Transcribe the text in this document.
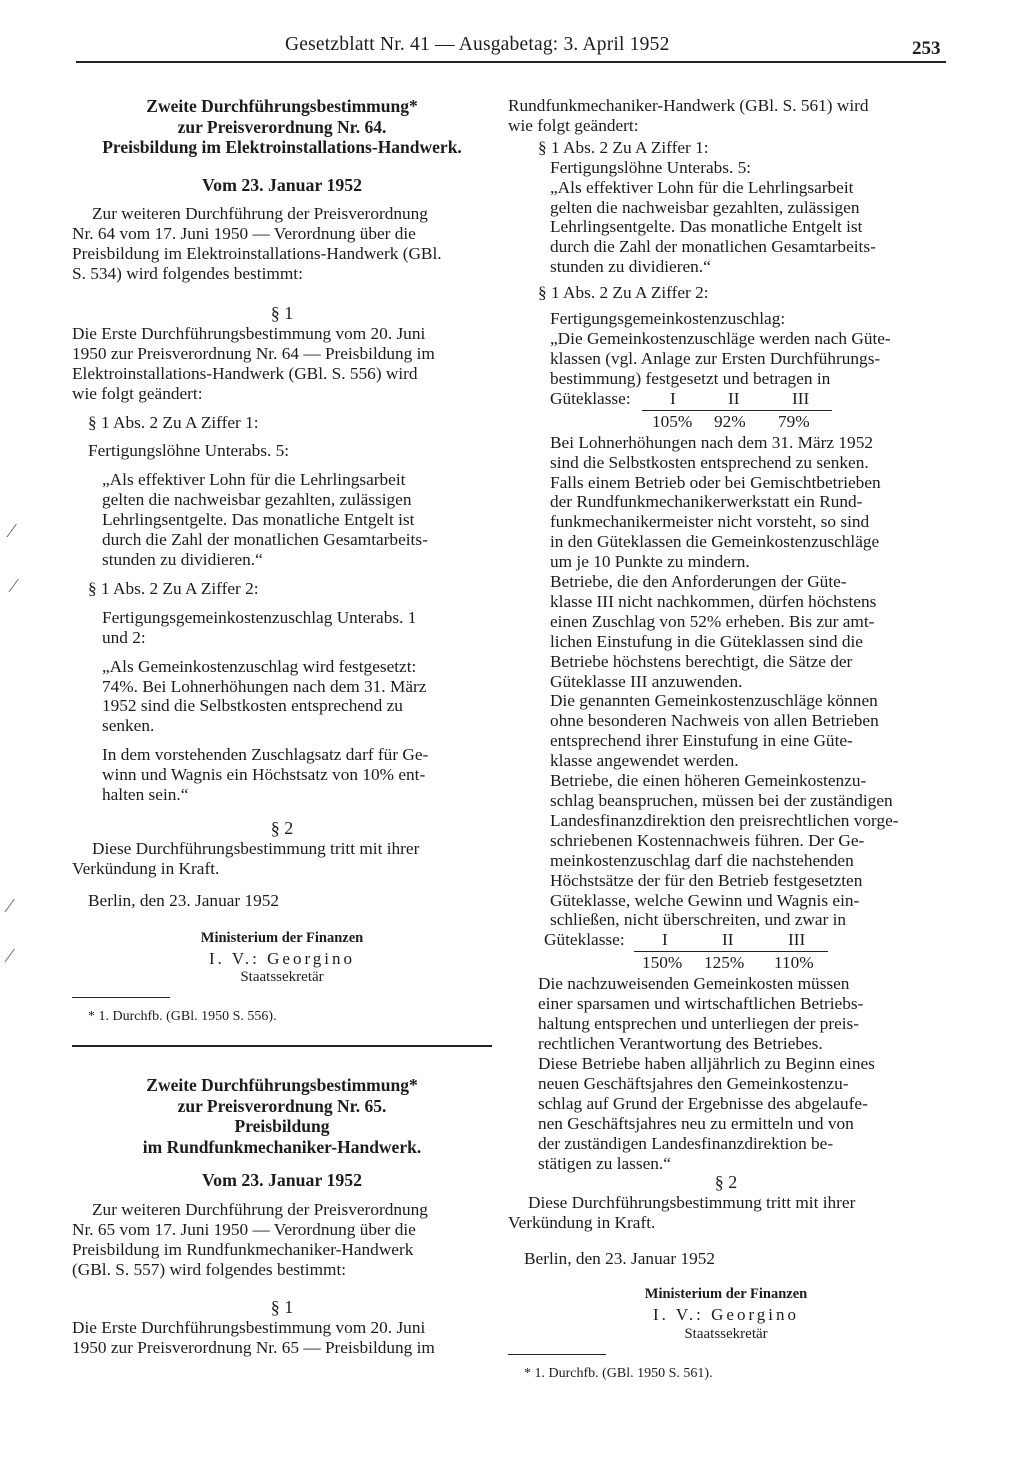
Gesetzblatt Nr. 41 — Ausgabetag: 3. April 1952	253
⁄
⁄
⁄
⁄

Zweite Durchführungsbestimmung*

zur Preisverordnung Nr. 64.

Preisbildung im Elektroinstallations-Handwerk.

Vom 23. Januar 1952

Zur weiteren Durchführung der Preisverordnung

Nr. 64 vom 17. Juni 1950 — Verordnung über die

Preisbildung im Elektroinstallations-Handwerk (GBl.

S. 534) wird folgendes bestimmt:

§ 1

Die Erste Durchführungsbestimmung vom 20. Juni

1950 zur Preisverordnung Nr. 64 — Preisbildung im

Elektroinstallations-Handwerk (GBl. S. 556) wird

wie folgt geändert:

§ 1 Abs. 2 Zu A Ziffer 1:

Fertigungslöhne Unterabs. 5:

„Als effektiver Lohn für die Lehrlingsarbeit

gelten die nachweisbar gezahlten, zulässigen

Lehrlingsentgelte. Das monatliche Entgelt ist

durch die Zahl der monatlichen Gesamtarbeits-

stunden zu dividieren.“

§ 1 Abs. 2 Zu A Ziffer 2:

Fertigungsgemeinkostenzuschlag Unterabs. 1

und 2:

„Als Gemeinkostenzuschlag wird festgesetzt:

74%. Bei Lohnerhöhungen nach dem 31. März

1952 sind die Selbstkosten entsprechend zu

senken.

In dem vorstehenden Zuschlagsatz darf für Ge-

winn und Wagnis ein Höchstsatz von 10% ent-

halten sein.“

§ 2

Diese Durchführungsbestimmung tritt mit ihrer

Verkündung in Kraft.

Berlin, den 23. Januar 1952

Ministerium der Finanzen

I. V.: Georgino

Staatssekretär

* 1. Durchfb. (GBl. 1950 S. 556).

Zweite Durchführungsbestimmung*

zur Preisverordnung Nr. 65.

Preisbildung

im Rundfunkmechaniker-Handwerk.

Vom 23. Januar 1952

Zur weiteren Durchführung der Preisverordnung

Nr. 65 vom 17. Juni 1950 — Verordnung über die

Preisbildung im Rundfunkmechaniker-Handwerk

(GBl. S. 557) wird folgendes bestimmt:

§ 1

Die Erste Durchführungsbestimmung vom 20. Juni

1950 zur Preisverordnung Nr. 65 — Preisbildung im

Rundfunkmechaniker-Handwerk (GBl. S. 561) wird

wie folgt geändert:

§ 1 Abs. 2 Zu A Ziffer 1:

Fertigungslöhne Unterabs. 5:

„Als effektiver Lohn für die Lehrlingsarbeit

gelten die nachweisbar gezahlten, zulässigen

Lehrlingsentgelte. Das monatliche Entgelt ist

durch die Zahl der monatlichen Gesamtarbeits-

stunden zu dividieren.“

§ 1 Abs. 2 Zu A Ziffer 2:

Fertigungsgemeinkostenzuschlag:

„Die Gemeinkostenzuschläge werden nach Güte-

klassen (vgl. Anlage zur Ersten Durchführungs-

bestimmung) festgesetzt und betragen in

Güteklasse: I	II	III
105% 92% 79%

Bei Lohnerhöhungen nach dem 31. März 1952

sind die Selbstkosten entsprechend zu senken.

Falls einem Betrieb oder bei Gemischtbetrieben

der Rundfunkmechanikerwerkstatt ein Rund-

funkmechanikermeister nicht vorsteht, so sind

in den Güteklassen die Gemeinkostenzuschläge

um je 10 Punkte zu mindern.

Betriebe, die den Anforderungen der Güte-

klasse III nicht nachkommen, dürfen höchstens

einen Zuschlag von 52% erheben. Bis zur amt-

lichen Einstufung in die Güteklassen sind die

Betriebe höchstens berechtigt, die Sätze der

Güteklasse III anzuwenden.

Die genannten Gemeinkostenzuschläge können

ohne besonderen Nachweis von allen Betrieben

entsprechend ihrer Einstufung in eine Güte-

klasse angewendet werden.

Betriebe, die einen höheren Gemeinkostenzu-

schlag beanspruchen, müssen bei der zuständigen

Landesfinanzdirektion den preisrechtlichen vorge-

schriebenen Kostennachweis führen. Der Ge-

meinkostenzuschlag darf die nachstehenden

Höchstsätze der für den Betrieb festgesetzten

Güteklasse, welche Gewinn und Wagnis ein-

schließen, nicht überschreiten, und zwar in

Güteklasse: I	II	III
150% 125% 110%

Die nachzuweisenden Gemeinkosten müssen

einer sparsamen und wirtschaftlichen Betriebs-

haltung entsprechen und unterliegen der preis-

rechtlichen Verantwortung des Betriebes.

Diese Betriebe haben alljährlich zu Beginn eines

neuen Geschäftsjahres den Gemeinkostenzu-

schlag auf Grund der Ergebnisse des abgelaufe-

nen Geschäftsjahres neu zu ermitteln und von

der zuständigen Landesfinanzdirektion be-

stätigen zu lassen.“

§ 2

Diese Durchführungsbestimmung tritt mit ihrer

Verkündung in Kraft.

Berlin, den 23. Januar 1952

Ministerium der Finanzen

I. V.: Georgino

Staatssekretär

* 1. Durchfb. (GBl. 1950 S. 561).
